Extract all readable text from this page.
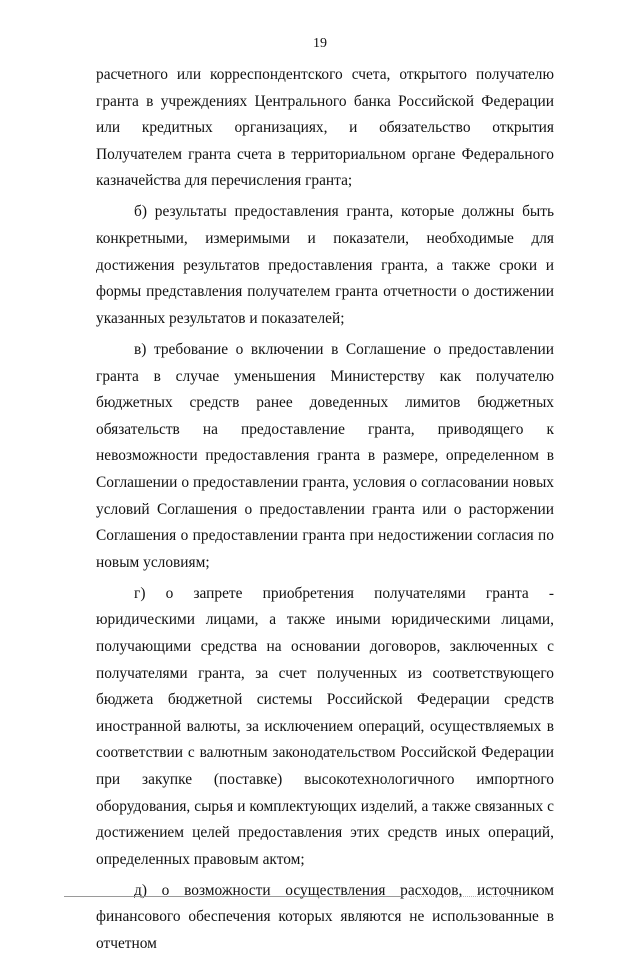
19

расчетного или корреспондентского счета, открытого получателю гранта в учреждениях Центрального банка Российской Федерации или кредитных организациях, и обязательство открытия Получателем гранта счета в территориальном органе Федерального казначейства для перечисления гранта;

б) результаты предоставления гранта, которые должны быть конкретными, измеримыми и показатели, необходимые для достижения результатов предоставления гранта, а также сроки и формы представления получателем гранта отчетности о достижении указанных результатов и показателей;

в) требование о включении в Соглашение о предоставлении гранта в случае уменьшения Министерству как получателю бюджетных средств ранее доведенных лимитов бюджетных обязательств на предоставление гранта, приводящего к невозможности предоставления гранта в размере, определенном в Соглашении о предоставлении гранта, условия о согласовании новых условий Соглашения о предоставлении гранта или о расторжении Соглашения о предоставлении гранта при недостижении согласия по новым условиям;

г) о запрете приобретения получателями гранта - юридическими лицами, а также иными юридическими лицами, получающими средства на основании договоров, заключенных с получателями гранта, за счет полученных из соответствующего бюджета бюджетной системы Российской Федерации средств иностранной валюты, за исключением операций, осуществляемых в соответствии с валютным законодательством Российской Федерации при закупке (поставке) высокотехнологичного импортного оборудования, сырья и комплектующих изделий, а также связанных с достижением целей предоставления этих средств иных операций, определенных правовым актом;

д) о возможности осуществления расходов, источником финансового обеспечения которых являются не использованные в отчетном
